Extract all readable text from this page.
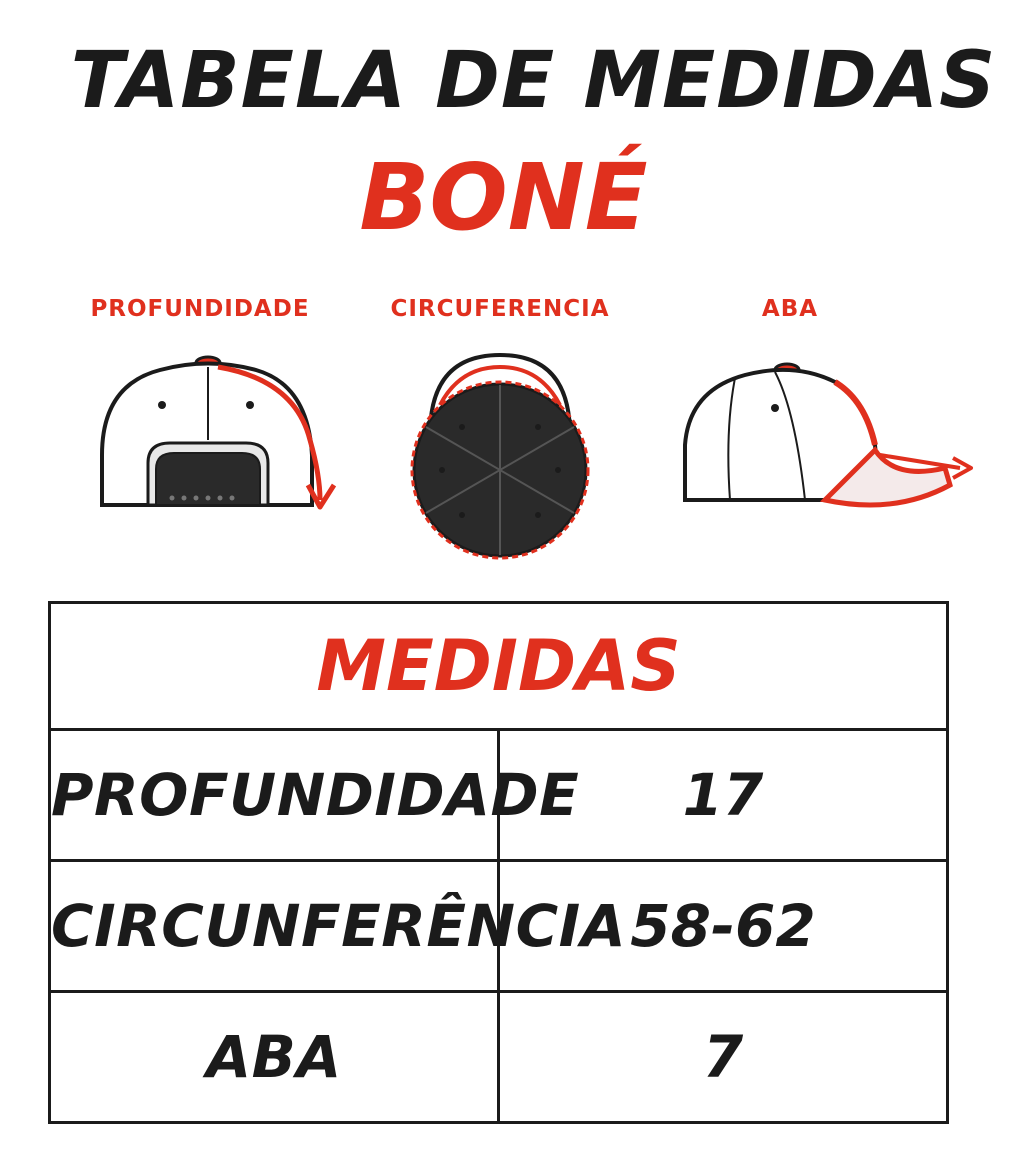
TABELA DE MEDIDAS
BONÉ
PROFUNDIDADE	CIRCUFERENCIA	ABA
MEDIDAS	
PROFUNDIDADE	17
CIRCUNFERÊNCIA	58-62
ABA	7
